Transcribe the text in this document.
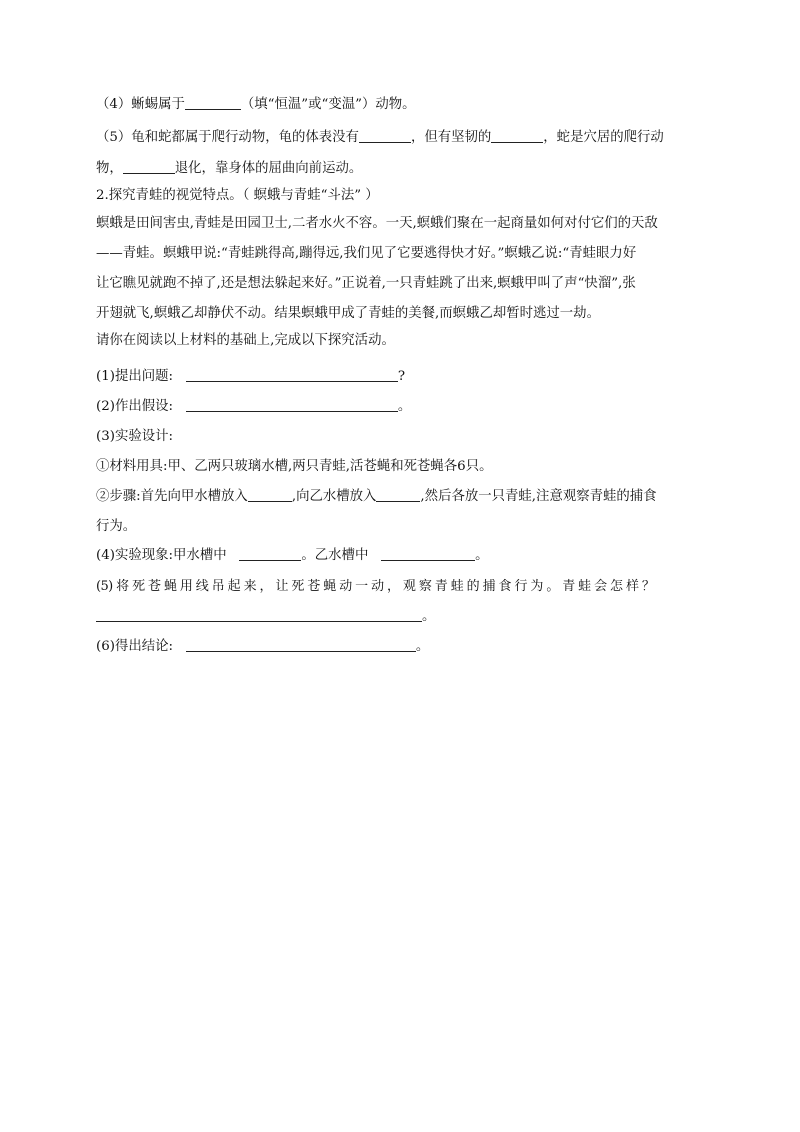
（4）蜥蜴属于	（填“恒温”或“变温”）动物。
（5）龟和蛇都属于爬行动物，龟的体表没有	，但有坚韧的	，蛇是穴居的爬行动
物，	退化，靠身体的屈曲向前运动。
2.探究青蛙的视觉特点。（ 螟蛾与青蛙“斗法” ）
螟蛾是田间害虫,青蛙是田园卫士,二者水火不容。一天,螟蛾们聚在一起商量如何对付它们的天敌
——青蛙。螟蛾甲说:“青蛙跳得高,蹦得远,我们见了它要逃得快才好。”螟蛾乙说:“青蛙眼力好
让它瞧见就跑不掉了,还是想法躲起来好。”正说着,一只青蛙跳了出来,螟蛾甲叫了声“快溜”,张
开翅就飞,螟蛾乙却静伏不动。结果螟蛾甲成了青蛙的美餐,而螟蛾乙却暂时逃过一劫。
请你在阅读以上材料的基础上,完成以下探究活动。
(1)提出问题:	?
(2)作出假设:	。
(3)实验设计:
①材料用具:甲、乙两只玻璃水槽,两只青蛙,活苍蝇和死苍蝇各6只。
②步骤:首先向甲水槽放入	,向乙水槽放入	,然后各放一只青蛙,注意观察青蛙的捕食
行为。
(4)实验现象:甲水槽中	。乙水槽中	。
(5) 将 死 苍 蝇 用 线 吊 起 来 ， 让 死 苍 蝇 动 一 动 ， 观 察 青 蛙 的 捕 食 行 为 。 青 蛙 会 怎 样 ？
。
(6)得出结论:	。
